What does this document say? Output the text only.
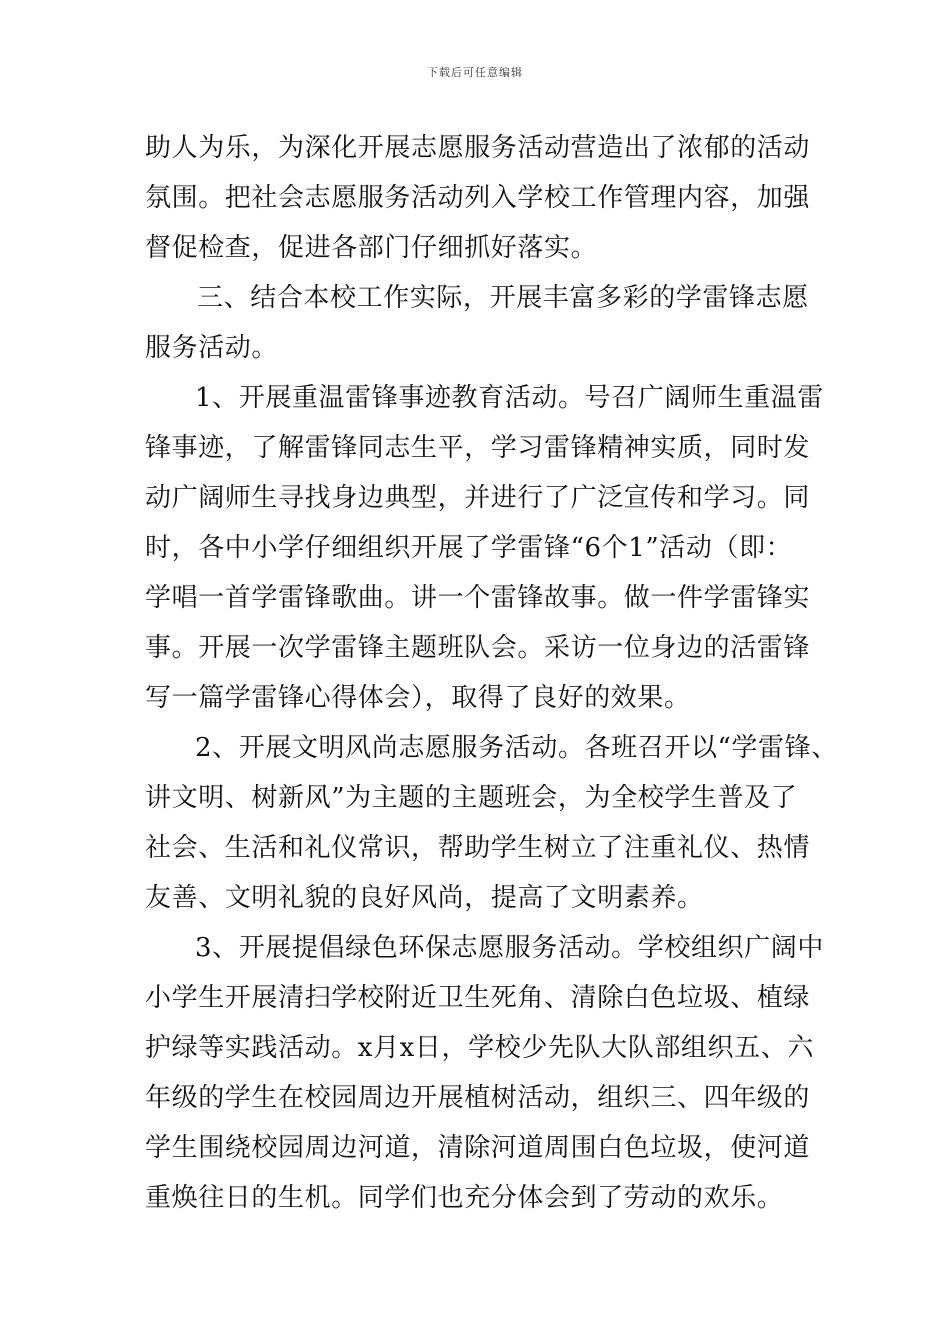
下载后可任意编辑
助人为乐，为深化开展志愿服务活动营造出了浓郁的活动
氛围。把社会志愿服务活动列入学校工作管理内容，加强
督促检查，促进各部门仔细抓好落实。
三、结合本校工作实际，开展丰富多彩的学雷锋志愿
服务活动。
1、开展重温雷锋事迹教育活动。号召广阔师生重温雷
锋事迹，了解雷锋同志生平，学习雷锋精神实质，同时发
动广阔师生寻找身边典型，并进行了广泛宣传和学习。同
时，各中小学仔细组织开展了学雷锋“6个1”活动（即：
学唱一首学雷锋歌曲。讲一个雷锋故事。做一件学雷锋实
事。开展一次学雷锋主题班队会。采访一位身边的活雷锋
写一篇学雷锋心得体会），取得了良好的效果。
2、开展文明风尚志愿服务活动。各班召开以“学雷锋、
讲文明、树新风”为主题的主题班会，为全校学生普及了
社会、生活和礼仪常识，帮助学生树立了注重礼仪、热情
友善、文明礼貌的良好风尚，提高了文明素养。
3、开展提倡绿色环保志愿服务活动。学校组织广阔中
小学生开展清扫学校附近卫生死角、清除白色垃圾、植绿
护绿等实践活动。x月x日，学校少先队大队部组织五、六
年级的学生在校园周边开展植树活动，组织三、四年级的
学生围绕校园周边河道，清除河道周围白色垃圾，使河道
重焕往日的生机。同学们也充分体会到了劳动的欢乐。
